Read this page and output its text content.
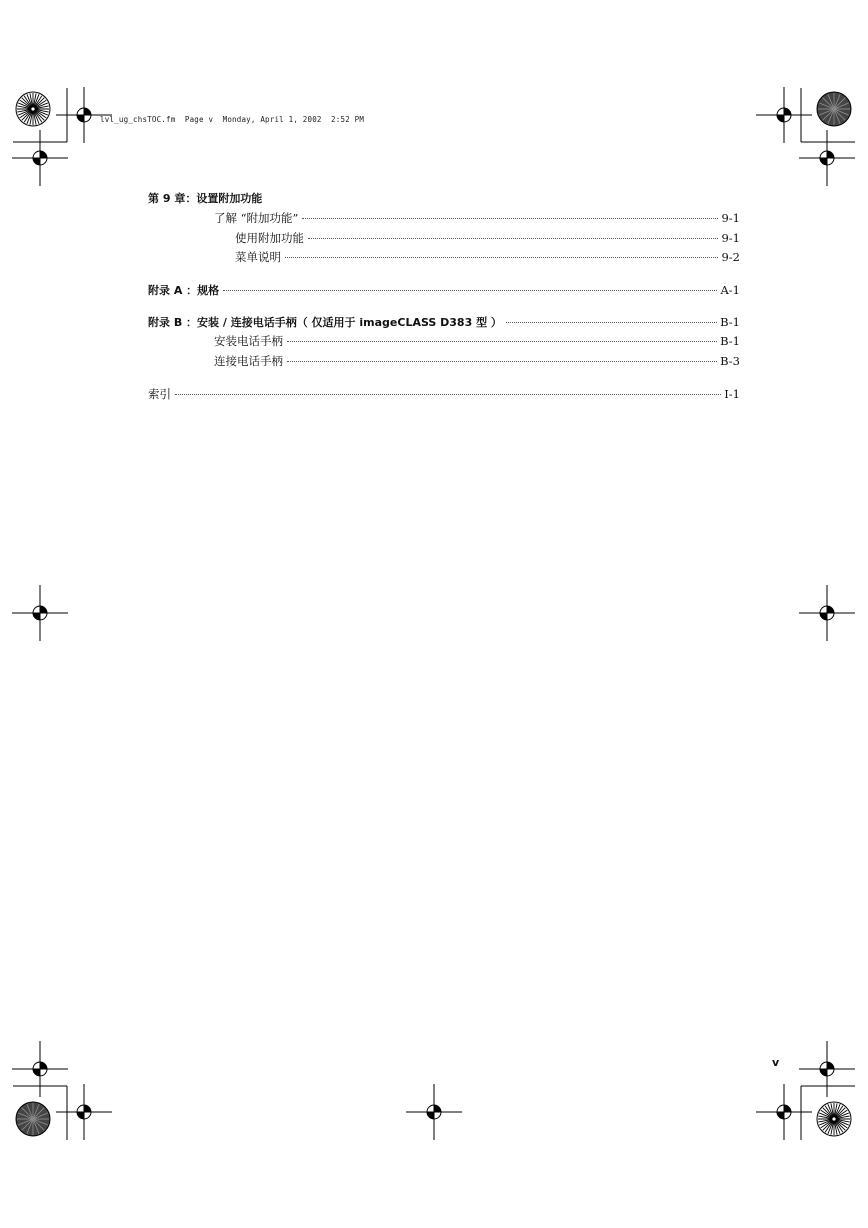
lvl_ug_chsTOC.fm  Page v  Monday, April 1, 2002  2:52 PM
第 9 章：设置附加功能
了解 “附加功能”	9-1
使用附加功能	9-1
菜单说明	9-2
附录 A ：规格	A-1
附录 B ：安装 / 连接电话手柄（ 仅适用于 imageCLASS D383 型 ）	B-1
安装电话手柄	B-1
连接电话手柄	B-3
索引	I-1
v
